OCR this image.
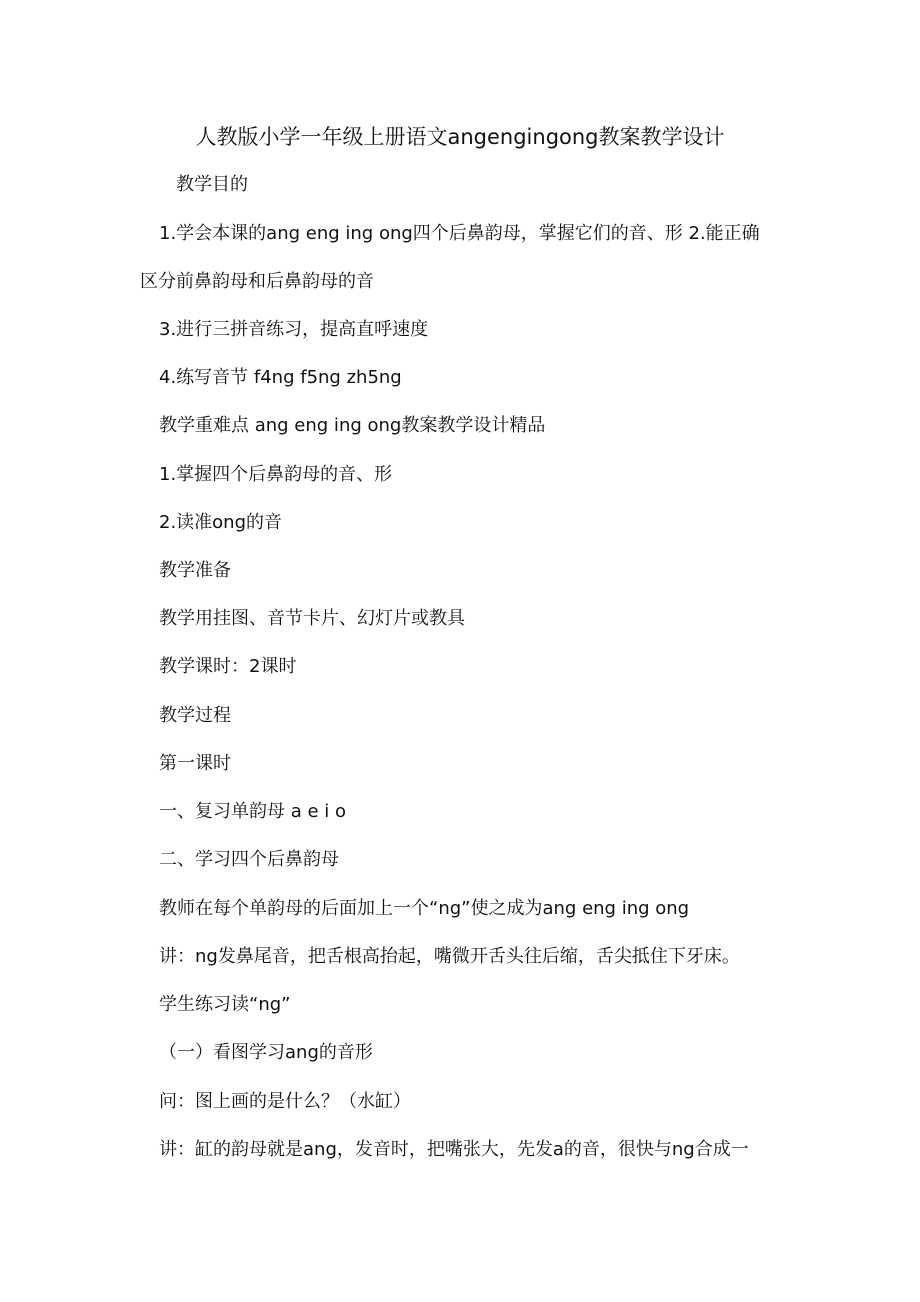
人教版小学一年级上册语文angengingong教案教学设计
教学目的
1.学会本课的ang eng ing ong四个后鼻韵母，掌握它们的音、形 2.能正确
区分前鼻韵母和后鼻韵母的音
3.进行三拼音练习，提高直呼速度
4.练写音节 f4ng f5ng zh5ng
教学重难点 ang eng ing ong教案教学设计精品
1.掌握四个后鼻韵母的音、形
2.读准ong的音
教学准备
教学用挂图、音节卡片、幻灯片或教具
教学课时：2课时
教学过程
第一课时
一、复习单韵母 a e i o
二、学习四个后鼻韵母
教师在每个单韵母的后面加上一个“ng”使之成为ang eng ing ong
讲：ng发鼻尾音，把舌根高抬起，嘴微开舌头往后缩，舌尖抵住下牙床。
学生练习读“ng”
（一）看图学习ang的音形
问：图上画的是什么？（水缸）
讲：缸的韵母就是ang，发音时，把嘴张大，先发a的音，很快与ng合成一
